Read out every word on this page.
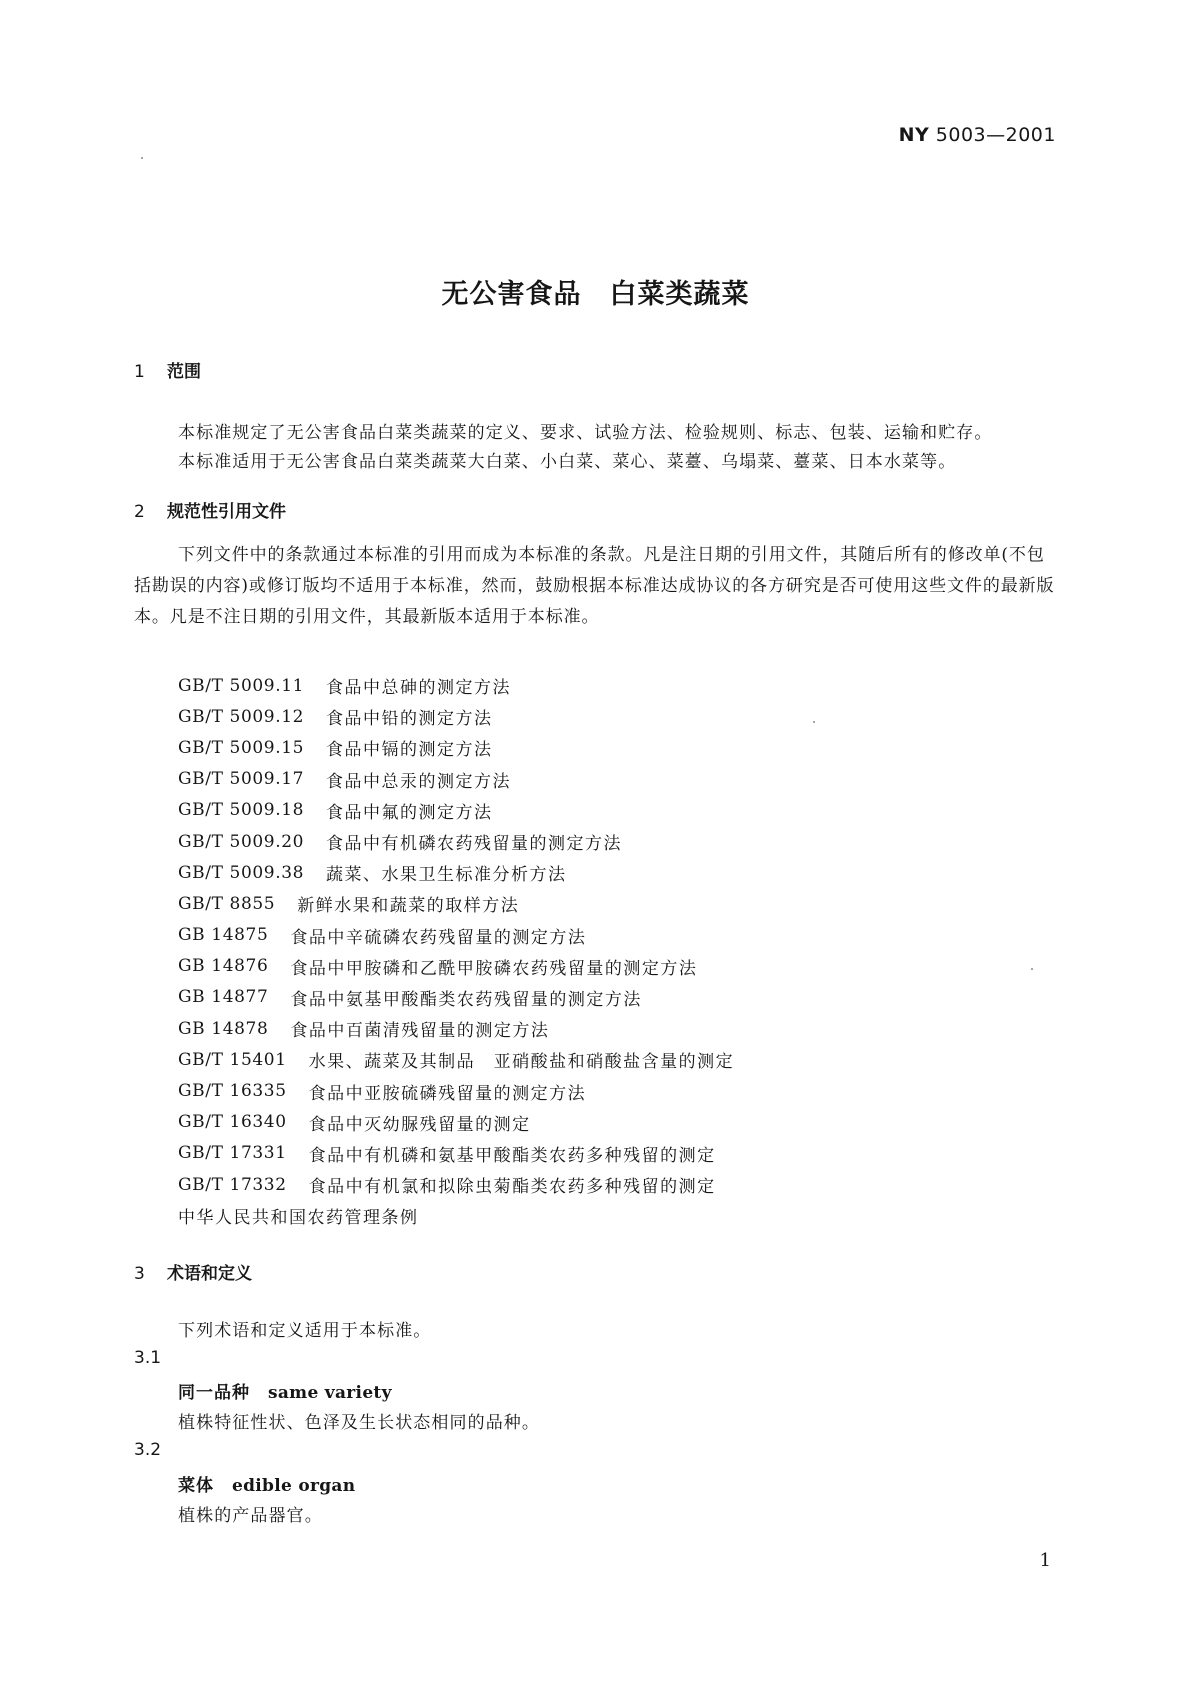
NY 5003—2001
无公害食品　白菜类蔬菜
1 范围
本标准规定了无公害食品白菜类蔬菜的定义、要求、试验方法、检验规则、标志、包装、运输和贮存。
本标准适用于无公害食品白菜类蔬菜大白菜、小白菜、菜心、菜薹、乌塌菜、薹菜、日本水菜等。
2 规范性引用文件
下列文件中的条款通过本标准的引用而成为本标准的条款。凡是注日期的引用文件，其随后所有的修改单(不包括勘误的内容)或修订版均不适用于本标准，然而，鼓励根据本标准达成协议的各方研究是否可使用这些文件的最新版本。凡是不注日期的引用文件，其最新版本适用于本标准。
GB/T 5009.11 食品中总砷的测定方法
GB/T 5009.12 食品中铅的测定方法
GB/T 5009.15 食品中镉的测定方法
GB/T 5009.17 食品中总汞的测定方法
GB/T 5009.18 食品中氟的测定方法
GB/T 5009.20 食品中有机磷农药残留量的测定方法
GB/T 5009.38 蔬菜、水果卫生标准分析方法
GB/T 8855 新鲜水果和蔬菜的取样方法
GB 14875 食品中辛硫磷农药残留量的测定方法
GB 14876 食品中甲胺磷和乙酰甲胺磷农药残留量的测定方法
GB 14877 食品中氨基甲酸酯类农药残留量的测定方法
GB 14878 食品中百菌清残留量的测定方法
GB/T 15401 水果、蔬菜及其制品　亚硝酸盐和硝酸盐含量的测定
GB/T 16335 食品中亚胺硫磷残留量的测定方法
GB/T 16340 食品中灭幼脲残留量的测定
GB/T 17331 食品中有机磷和氨基甲酸酯类农药多种残留的测定
GB/T 17332 食品中有机氯和拟除虫菊酯类农药多种残留的测定
中华人民共和国农药管理条例
3 术语和定义
下列术语和定义适用于本标准。
3.1
同一品种 same variety
植株特征性状、色泽及生长状态相同的品种。
3.2
菜体 edible organ
植株的产品器官。
1
